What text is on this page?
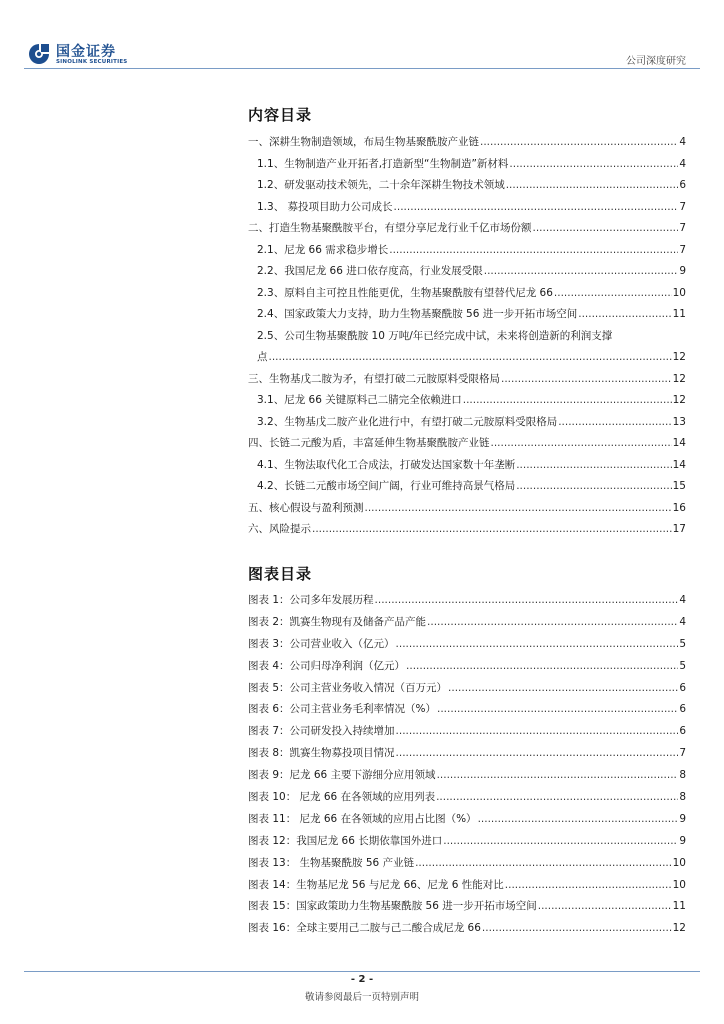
国金证券
SINOLINK SECURITIES	公司深度研究
内容目录
一、深耕生物制造领域，布局生物基聚酰胺产业链 .....	4
1.1、生物制造产业开拓者,打造新型“生物制造”新材料 .....	4
1.2、研发驱动技术领先，二十余年深耕生物技术领域 .....	6
1.3、 募投项目助力公司成长 .....	7
二、打造生物基聚酰胺平台，有望分享尼龙行业千亿市场份额 .....	7
2.1、尼龙 66 需求稳步增长 .....	7
2.2、我国尼龙 66 进口依存度高，行业发展受限 .....	9
2.3、原料自主可控且性能更优，生物基聚酰胺有望替代尼龙 66 .....	10
2.4、国家政策大力支持，助力生物基聚酰胺 56 进一步开拓市场空间 .....	11
2.5、公司生物基聚酰胺 10 万吨/年已经完成中试，未来将创造新的利润支撑
点 .....	12
三、生物基戊二胺为矛，有望打破二元胺原料受限格局 .....	12
3.1、尼龙 66 关键原料己二腈完全依赖进口 .....	12
3.2、生物基戊二胺产业化进行中，有望打破二元胺原料受限格局 .....	13
四、长链二元酸为盾，丰富延伸生物基聚酰胺产业链 .....	14
4.1、生物法取代化工合成法，打破发达国家数十年垄断 .....	14
4.2、长链二元酸市场空间广阔，行业可维持高景气格局 .....	15
五、核心假设与盈利预测 .....	16
六、风险提示 .....	17
图表目录
图表 1：公司多年发展历程 .....	4
图表 2：凯赛生物现有及储备产品产能 .....	4
图表 3：公司营业收入（亿元） .....	5
图表 4：公司归母净利润（亿元） .....	5
图表 5：公司主营业务收入情况（百万元） .....	6
图表 6：公司主营业务毛利率情况（%） .....	6
图表 7：公司研发投入持续增加 .....	6
图表 8：凯赛生物募投项目情况 .....	7
图表 9：尼龙 66 主要下游细分应用领域 .....	8
图表 10： 尼龙 66 在各领域的应用列表 .....	8
图表 11： 尼龙 66 在各领域的应用占比图（%） .....	9
图表 12：我国尼龙 66 长期依靠国外进口 .....	9
图表 13： 生物基聚酰胺 56 产业链 .....	10
图表 14：生物基尼龙 56 与尼龙 66、尼龙 6 性能对比 .....	10
图表 15：国家政策助力生物基聚酰胺 56 进一步开拓市场空间 .....	11
图表 16：全球主要用己二胺与己二酸合成尼龙 66 .....	12
- 2 -
敬请参阅最后一页特别声明
